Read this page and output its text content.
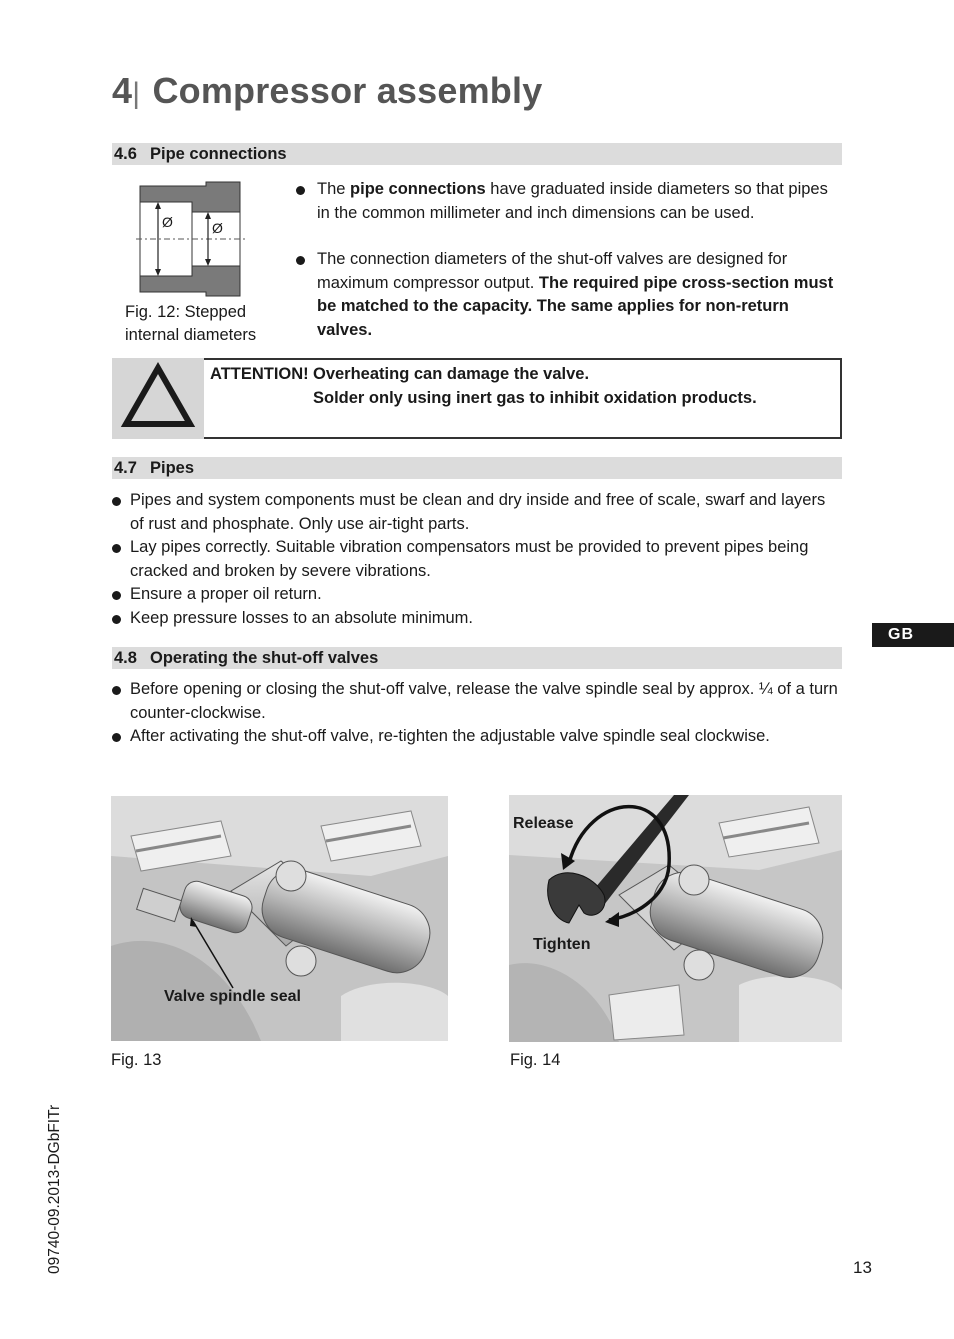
4| Compressor assembly
4.6 Pipe connections
Ø	Ø
Fig. 12: Stepped
internal diameters
The pipe connections have graduated inside diameters so that pipes in the common millimeter and inch dimensions can be used.
The connection diameters of the shut-off valves are designed for maximum compressor output. The required pipe cross-section must be matched to the capacity. The same applies for non-return valves.
ATTENTION! Overheating can damage the valve.
Solder only using inert gas to inhibit oxidation products.
4.7 Pipes
Pipes and system components must be clean and dry inside and free of scale, swarf and layers of rust and phosphate. Only use air-tight parts.
Lay pipes correctly. Suitable vibration compensators must be provided to prevent pipes being cracked and broken by severe vibrations.
Ensure a proper oil return.
Keep pressure losses to an absolute minimum.
GB
4.8 Operating the shut-off valves
Before opening or closing the shut-off valve, release the valve spindle seal by approx. ¼ of a turn counter-clockwise.
After activating the shut-off valve, re-tighten the adjustable valve spindle seal clockwise.
Valve spindle seal
Fig. 13
Release
Tighten
Fig. 14
09740-09.2013-DGbFITr	13
